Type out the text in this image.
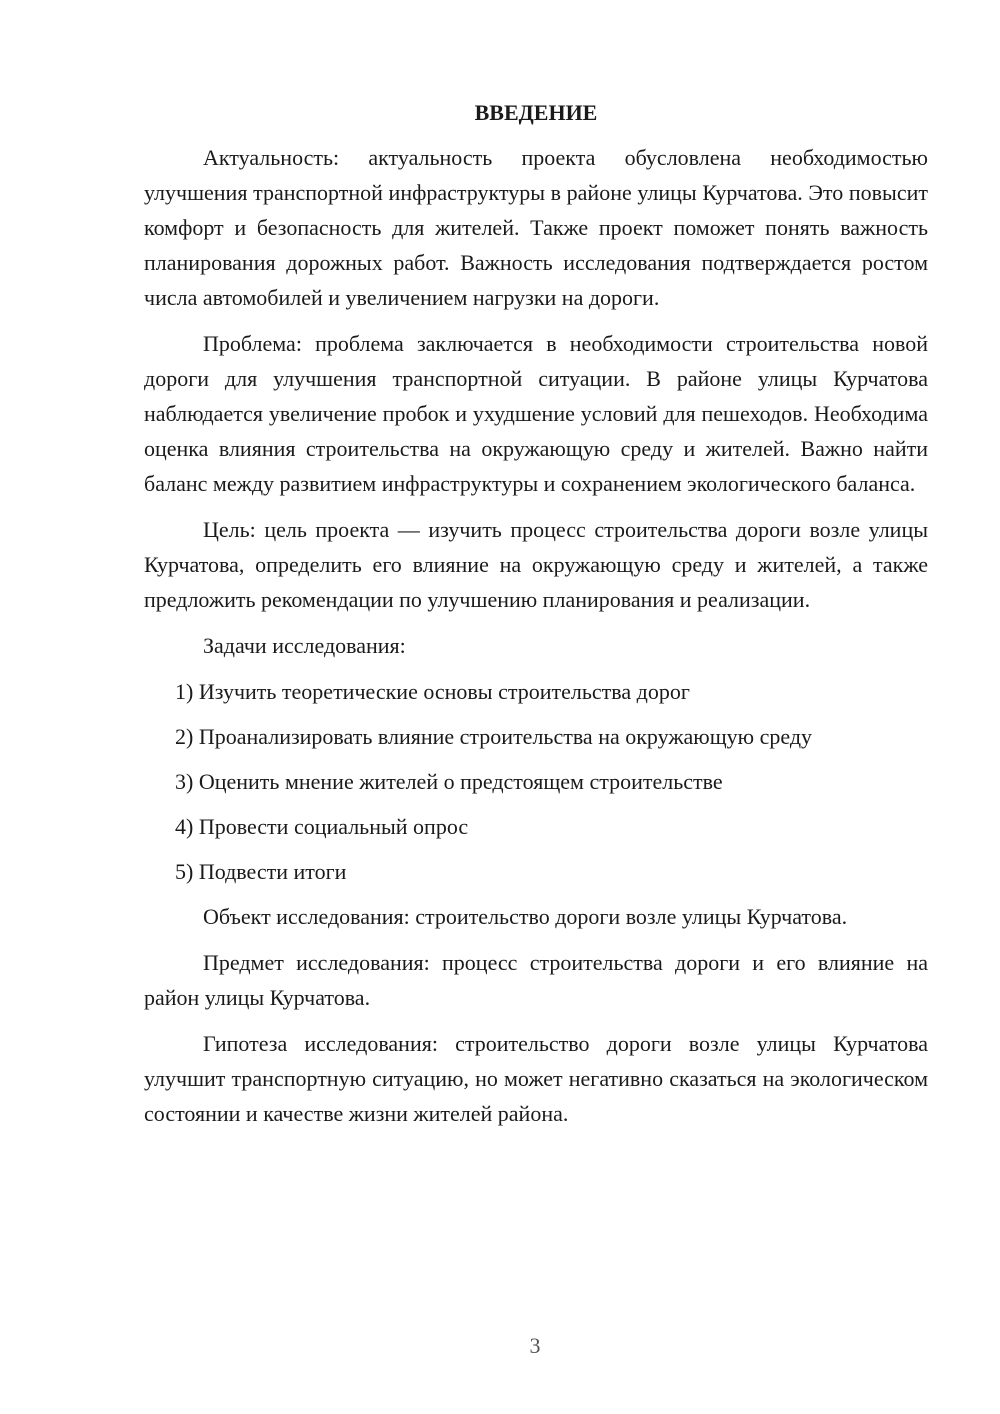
ВВЕДЕНИЕ

Актуальность: актуальность проекта обусловлена необходимостью улучшения транспортной инфраструктуры в районе улицы Курчатова. Это повысит комфорт и безопасность для жителей. Также проект поможет понять важность планирования дорожных работ. Важность исследования подтверждается ростом числа автомобилей и увеличением нагрузки на дороги.

Проблема: проблема заключается в необходимости строительства новой дороги для улучшения транспортной ситуации. В районе улицы Курчатова наблюдается увеличение пробок и ухудшение условий для пешеходов. Необходима оценка влияния строительства на окружающую среду и жителей. Важно найти баланс между развитием инфраструктуры и сохранением экологического баланса.

Цель: цель проекта — изучить процесс строительства дороги возле улицы Курчатова, определить его влияние на окружающую среду и жителей, а также предложить рекомендации по улучшению планирования и реализации.

Задачи исследования:

1) Изучить теоретические основы строительства дорог
2) Проанализировать влияние строительства на окружающую среду
3) Оценить мнение жителей о предстоящем строительстве
4) Провести социальный опрос
5) Подвести итоги

Объект исследования: строительство дороги возле улицы Курчатова.

Предмет исследования: процесс строительства дороги и его влияние на район улицы Курчатова.

Гипотеза исследования: строительство дороги возле улицы Курчатова улучшит транспортную ситуацию, но может негативно сказаться на экологическом состоянии и качестве жизни жителей района.

3
